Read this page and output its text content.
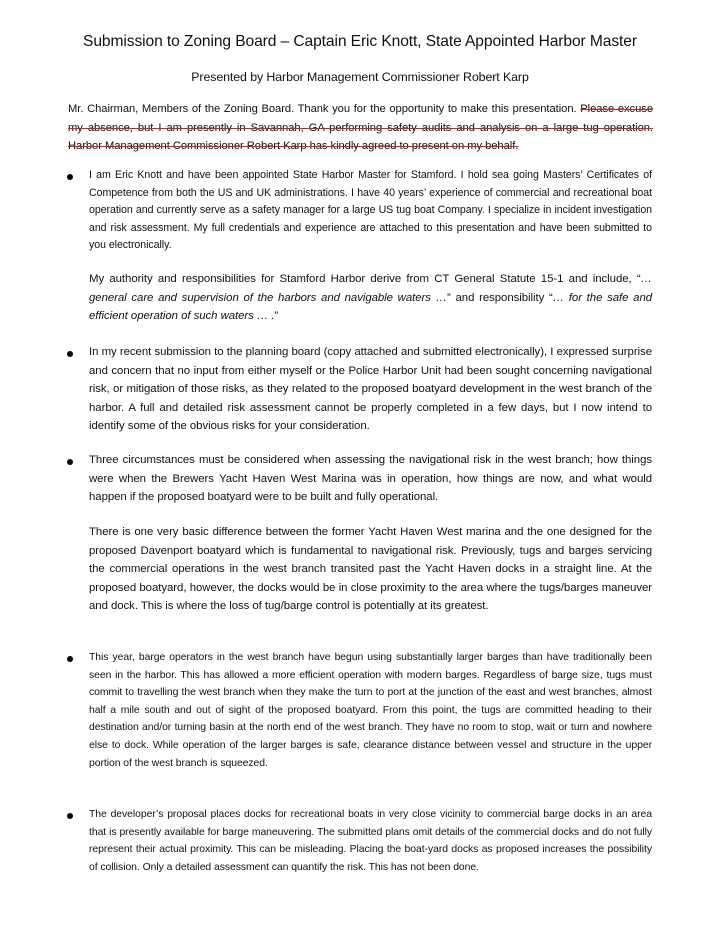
Submission to Zoning Board – Captain Eric Knott, State Appointed Harbor Master
Presented by Harbor Management Commissioner Robert Karp
Mr. Chairman, Members of the Zoning Board. Thank you for the opportunity to make this presentation. Please excuse my absence, but I am presently in Savannah, GA performing safety audits and analysis on a large tug operation. Harbor Management Commissioner Robert Karp has kindly agreed to present on my behalf.
I am Eric Knott and have been appointed State Harbor Master for Stamford. I hold sea going Masters’ Certificates of Competence from both the US and UK administrations. I have 40 years’ experience of commercial and recreational boat operation and currently serve as a safety manager for a large US tug boat Company. I specialize in incident investigation and risk assessment. My full credentials and experience are attached to this presentation and have been submitted to you electronically.
My authority and responsibilities for Stamford Harbor derive from CT General Statute 15-1 and include, “… general care and supervision of the harbors and navigable waters …” and responsibility “… for the safe and efficient operation of such waters … .”
In my recent submission to the planning board (copy attached and submitted electronically), I expressed surprise and concern that no input from either myself or the Police Harbor Unit had been sought concerning navigational risk, or mitigation of those risks, as they related to the proposed boatyard development in the west branch of the harbor. A full and detailed risk assessment cannot be properly completed in a few days, but I now intend to identify some of the obvious risks for your consideration.
Three circumstances must be considered when assessing the navigational risk in the west branch; how things were when the Brewers Yacht Haven West Marina was in operation, how things are now, and what would happen if the proposed boatyard were to be built and fully operational.
There is one very basic difference between the former Yacht Haven West marina and the one designed for the proposed Davenport boatyard which is fundamental to navigational risk. Previously, tugs and barges servicing the commercial operations in the west branch transited past the Yacht Haven docks in a straight line. At the proposed boatyard, however, the docks would be in close proximity to the area where the tugs/barges maneuver and dock. This is where the loss of tug/barge control is potentially at its greatest.
This year, barge operators in the west branch have begun using substantially larger barges than have traditionally been seen in the harbor. This has allowed a more efficient operation with modern barges. Regardless of barge size, tugs must commit to travelling the west branch when they make the turn to port at the junction of the east and west branches, almost half a mile south and out of sight of the proposed boatyard. From this point, the tugs are committed heading to their destination and/or turning basin at the north end of the west branch. They have no room to stop, wait or turn and nowhere else to dock. While operation of the larger barges is safe, clearance distance between vessel and structure in the upper portion of the west branch is squeezed.
The developer’s proposal places docks for recreational boats in very close vicinity to commercial barge docks in an area that is presently available for barge maneuvering. The submitted plans omit details of the commercial docks and do not fully represent their actual proximity. This can be misleading. Placing the boat-yard docks as proposed increases the possibility of collision. Only a detailed assessment can quantify the risk. This has not been done.
